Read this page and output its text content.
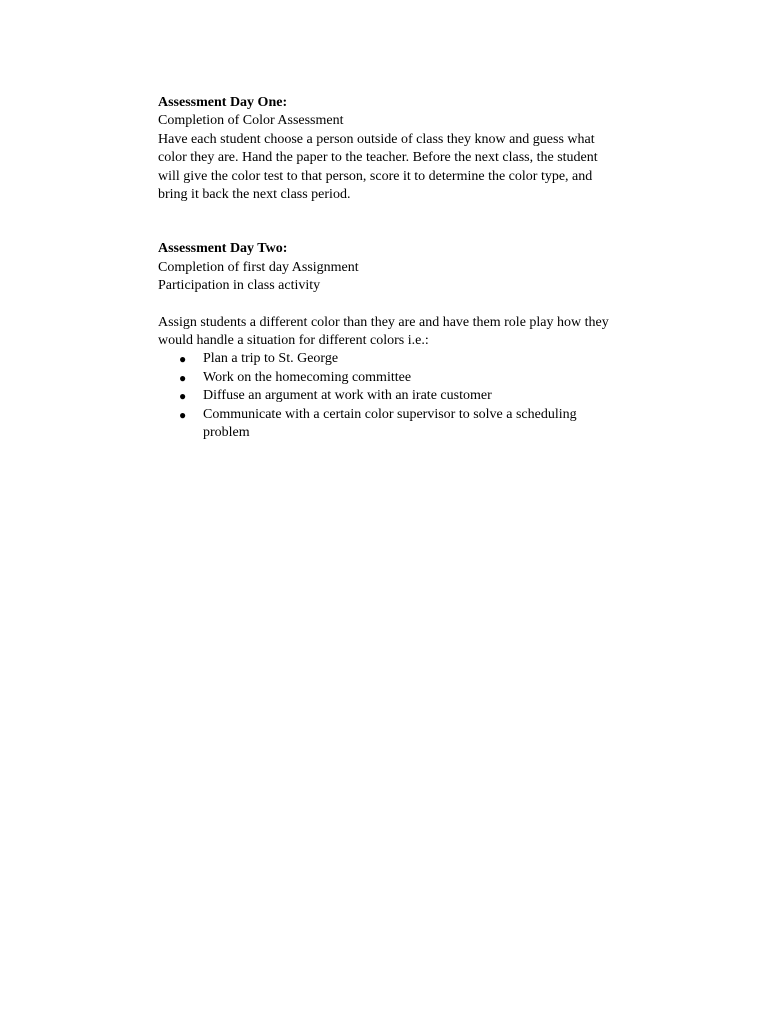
Assessment Day One:

Completion of Color Assessment

Have each student choose a person outside of class they know and guess what

color they are. Hand the paper to the teacher. Before the next class, the student

will give the color test to that person, score it to determine the color type, and

bring it back the next class period.

Assessment Day Two:

Completion of first day Assignment

Participation in class activity

Assign students a different color than they are and have them role play how they

would handle a situation for different colors i.e.:

● Plan a trip to St. George
● Work on the homecoming committee
● Diffuse an argument at work with an irate customer
● Communicate with a certain color supervisor to solve a scheduling
problem
